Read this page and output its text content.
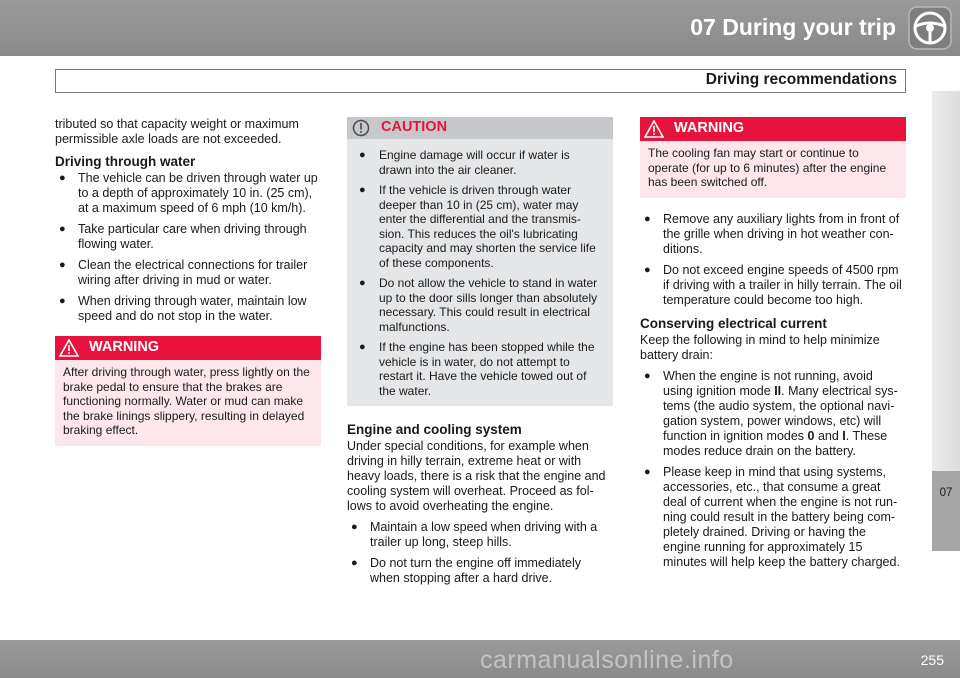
07 During your trip
Driving recommendations
07

tributed so that capacity weight or maximum permissible axle loads are not exceeded.

Driving through water
● The vehicle can be driven through water up to a depth of approximately 10 in. (25 cm), at a maximum speed of 6 mph (10 km/h).
● Take particular care when driving through flowing water.
● Clean the electrical connections for trailer wiring after driving in mud or water.
● When driving through water, maintain low speed and do not stop in the water.
WARNING
After driving through water, press lightly on the brake pedal to ensure that the brakes are functioning normally. Water or mud can make the brake linings slippery, resulting in delayed braking effect.
CAUTION
● Engine damage will occur if water is drawn into the air cleaner.
● If the vehicle is driven through water deeper than 10 in (25 cm), water may enter the differential and the transmis-sion. This reduces the oil's lubricating capacity and may shorten the service life of these components.
● Do not allow the vehicle to stand in water up to the door sills longer than absolutely necessary. This could result in electrical malfunctions.
● If the engine has been stopped while the vehicle is in water, do not attempt to restart it. Have the vehicle towed out of the water.
Engine and cooling system

Under special conditions, for example when driving in hilly terrain, extreme heat or with heavy loads, there is a risk that the engine and cooling system will overheat. Proceed as fol-lows to avoid overheating the engine.

● Maintain a low speed when driving with a trailer up long, steep hills.
● Do not turn the engine off immediately when stopping after a hard drive.
WARNING
The cooling fan may start or continue to operate (for up to 6 minutes) after the engine has been switched off.
● Remove any auxiliary lights from in front of the grille when driving in hot weather con-ditions.
● Do not exceed engine speeds of 4500 rpm if driving with a trailer in hilly terrain. The oil temperature could become too high.
Conserving electrical current

Keep the following in mind to help minimize battery drain:

● When the engine is not running, avoid using ignition mode II. Many electrical sys-tems (the audio system, the optional navi-gation system, power windows, etc) will function in ignition modes 0 and I. These modes reduce drain on the battery.
● Please keep in mind that using systems, accessories, etc., that consume a great deal of current when the engine is not run-ning could result in the battery being com-pletely drained. Driving or having the engine running for approximately 15 minutes will help keep the battery charged.
255
carmanualsonline.info
